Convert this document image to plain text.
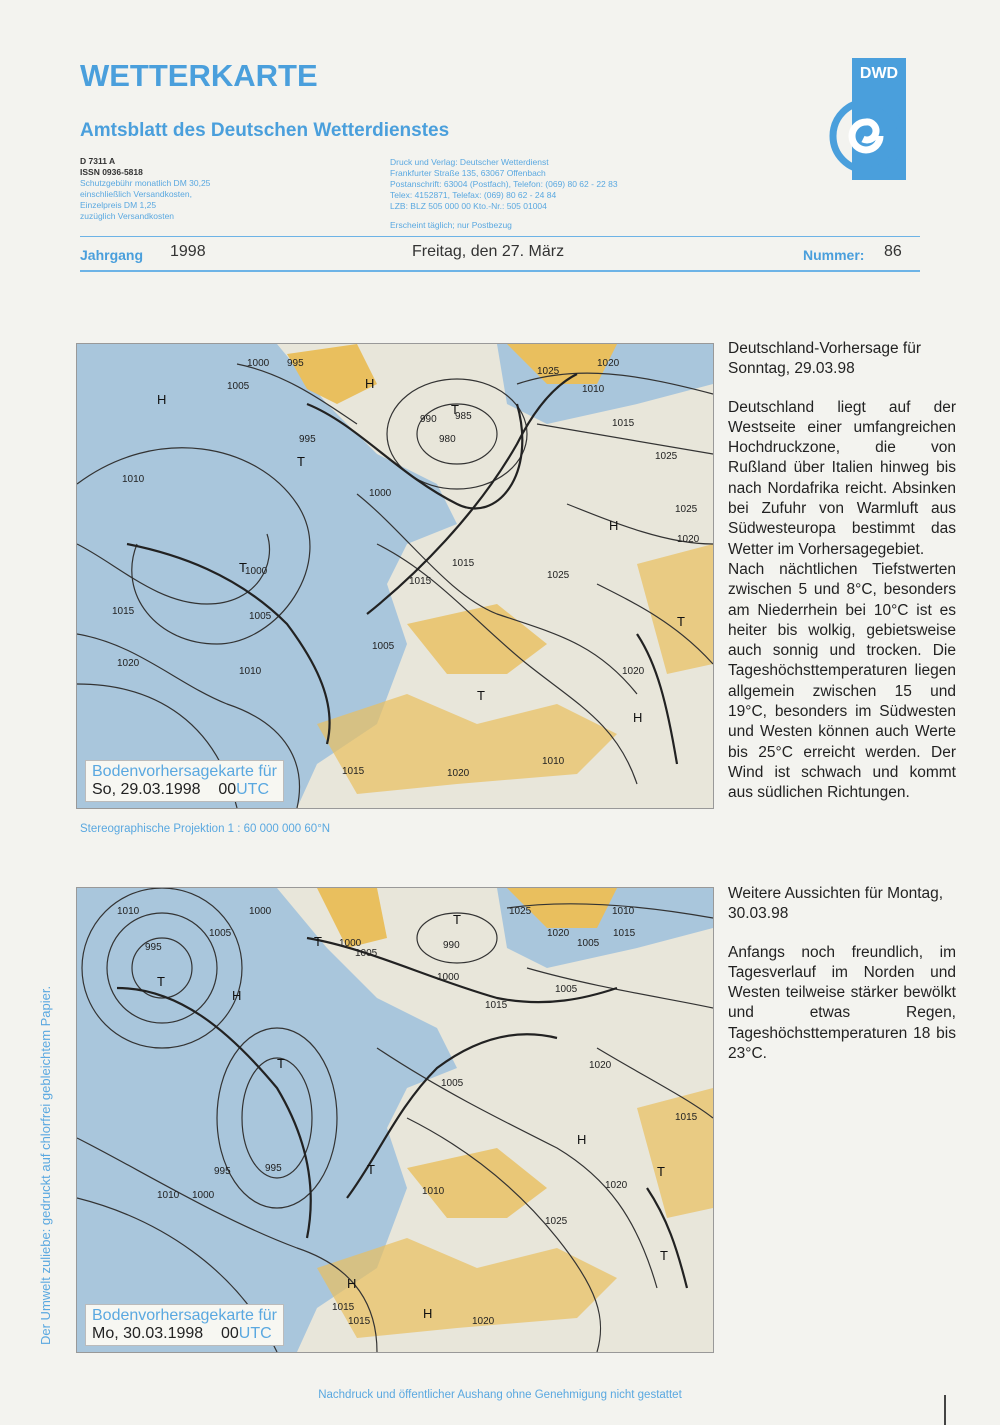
WETTERKARTE
Amtsblatt des Deutschen Wetterdienstes
D 7311 A
ISSN 0936-5818
Schutzgebühr monatlich DM 30,25
einschließlich Versandkosten,
Einzelpreis DM 1,25
zuzüglich Versandkosten
Druck und Verlag: Deutscher Wetterdienst
Frankfurter Straße 135, 63067 Offenbach
Postanschrift: 63004 (Postfach), Telefon: (069) 80 62 - 22 83
Telex: 4152871, Telefax: (069) 80 62 - 24 84
LZB: BLZ 505 000 00 Kto.-Nr.: 505 01004
Erscheint täglich; nur Postbezug
DWD
Jahrgang 1998	Freitag, den 27. März	Nummer: 86
1000 995
1005
985
980
990
995
1000
1010
1015
1020
1025
1020
1010
1015
1025
1025
1020
1025
1015
1005
1010
1000
1005
1015	1020
1010
1015
1020
H
H
T
T
T
H
T
T
H
Bodenvorhersagekarte für
So, 29.03.1998 00UTC
Stereographische Projektion 1 : 60 000 000 60°N
1010	1000
995
1005
1000
1005
990
1000
1025
1020
1010
1015
1005
1005
1015
1005
1020
1015
995	995
1010 1000	1010
1020
1025
1015
1015	1020
H
T
T
T
T
T
H
T
H
H
T
Bodenvorhersagekarte für
Mo, 30.03.1998 00UTC

Deutschland-Vorhersage für Sonntag, 29.03.98

Deutschland liegt auf der Westseite einer umfangreichen Hochdruckzone, die von Rußland über Italien hinweg bis nach Nordafrika reicht. Absinken bei Zufuhr von Warmluft aus Südwesteuropa bestimmt das Wetter im Vorhersagegebiet.

Nach nächtlichen Tiefstwerten zwischen 5 und 8°C, besonders am Niederrhein bei 10°C ist es heiter bis wolkig, gebietsweise auch sonnig und trocken. Die Tageshöchsttemperaturen liegen allgemein zwischen 15 und 19°C, besonders im Südwesten und Westen können auch Werte bis 25°C erreicht werden. Der Wind ist schwach und kommt aus südlichen Richtungen.

Weitere Aussichten für Montag, 30.03.98

Anfangs noch freundlich, im Tagesverlauf im Norden und Westen teilweise stärker bewölkt und etwas Regen, Tageshöchsttemperaturen 18 bis 23°C.

Der Umwelt zuliebe: gedruckt auf chlorfrei gebleichtem Papier.
Nachdruck und öffentlicher Aushang ohne Genehmigung nicht gestattet
